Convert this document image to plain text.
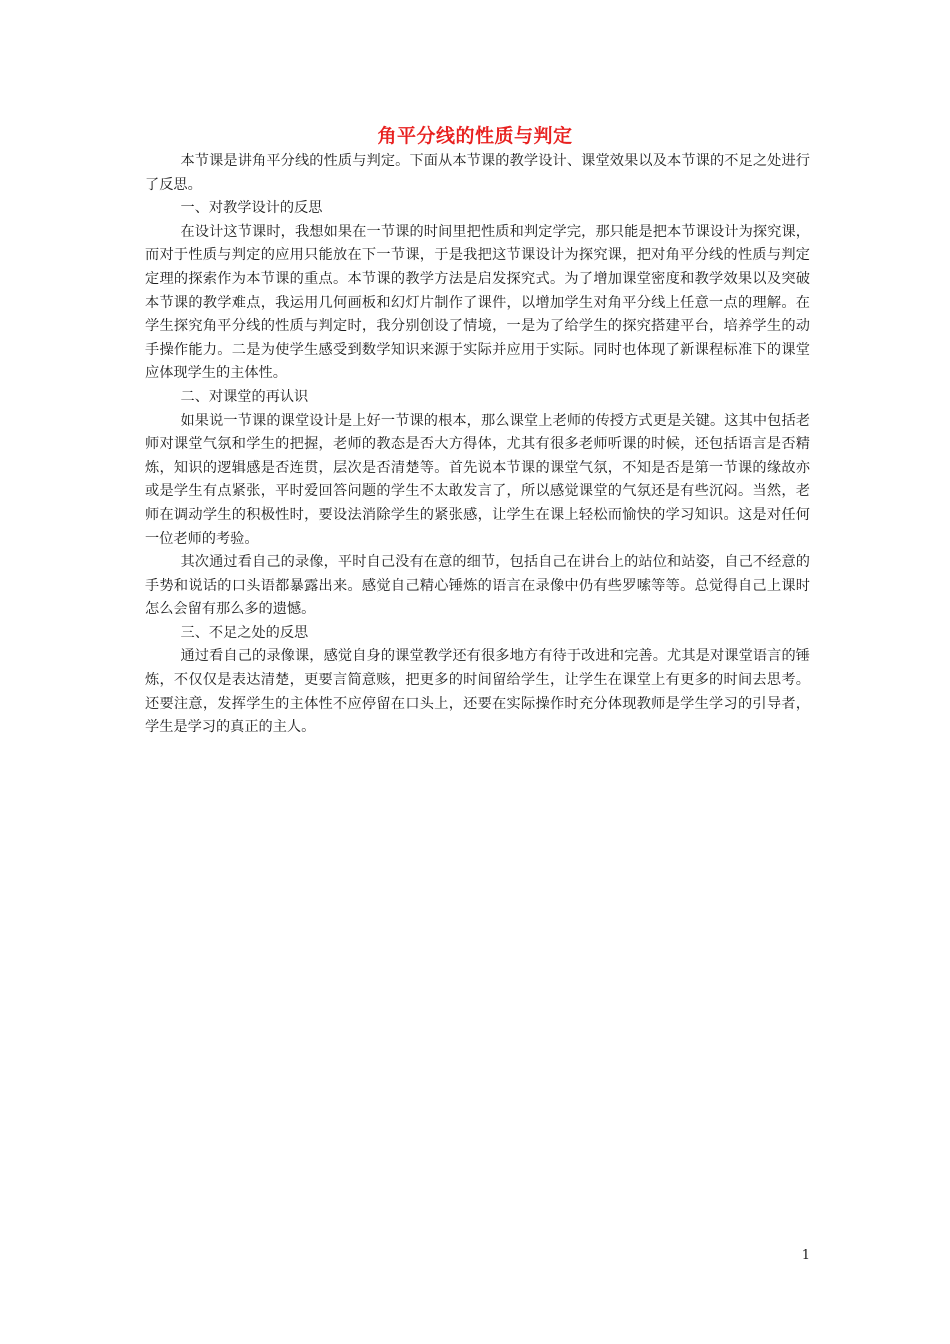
角平分线的性质与判定

本节课是讲角平分线的性质与判定。下面从本节课的教学设计、课堂效果以及本节课的不足之处进行了反思。

一、对教学设计的反思

在设计这节课时，我想如果在一节课的时间里把性质和判定学完，那只能是把本节课设计为探究课，而对于性质与判定的应用只能放在下一节课，于是我把这节课设计为探究课，把对角平分线的性质与判定定理的探索作为本节课的重点。本节课的教学方法是启发探究式。为了增加课堂密度和教学效果以及突破本节课的教学难点，我运用几何画板和幻灯片制作了课件，以增加学生对角平分线上任意一点的理解。在学生探究角平分线的性质与判定时，我分别创设了情境，一是为了给学生的探究搭建平台，培养学生的动手操作能力。二是为使学生感受到数学知识来源于实际并应用于实际。同时也体现了新课程标准下的课堂应体现学生的主体性。

二、对课堂的再认识

如果说一节课的课堂设计是上好一节课的根本，那么课堂上老师的传授方式更是关键。这其中包括老师对课堂气氛和学生的把握，老师的教态是否大方得体，尤其有很多老师听课的时候，还包括语言是否精炼，知识的逻辑感是否连贯，层次是否清楚等。首先说本节课的课堂气氛，不知是否是第一节课的缘故亦或是学生有点紧张，平时爱回答问题的学生不太敢发言了，所以感觉课堂的气氛还是有些沉闷。当然，老师在调动学生的积极性时，要设法消除学生的紧张感，让学生在课上轻松而愉快的学习知识。这是对任何一位老师的考验。

其次通过看自己的录像，平时自己没有在意的细节，包括自己在讲台上的站位和站姿，自己不经意的手势和说话的口头语都暴露出来。感觉自己精心锤炼的语言在录像中仍有些罗嗦等等。总觉得自己上课时怎么会留有那么多的遗憾。

三、不足之处的反思

通过看自己的录像课，感觉自身的课堂教学还有很多地方有待于改进和完善。尤其是对课堂语言的锤炼，不仅仅是表达清楚，更要言简意赅，把更多的时间留给学生，让学生在课堂上有更多的时间去思考。还要注意，发挥学生的主体性不应停留在口头上，还要在实际操作时充分体现教师是学生学习的引导者，学生是学习的真正的主人。

1
